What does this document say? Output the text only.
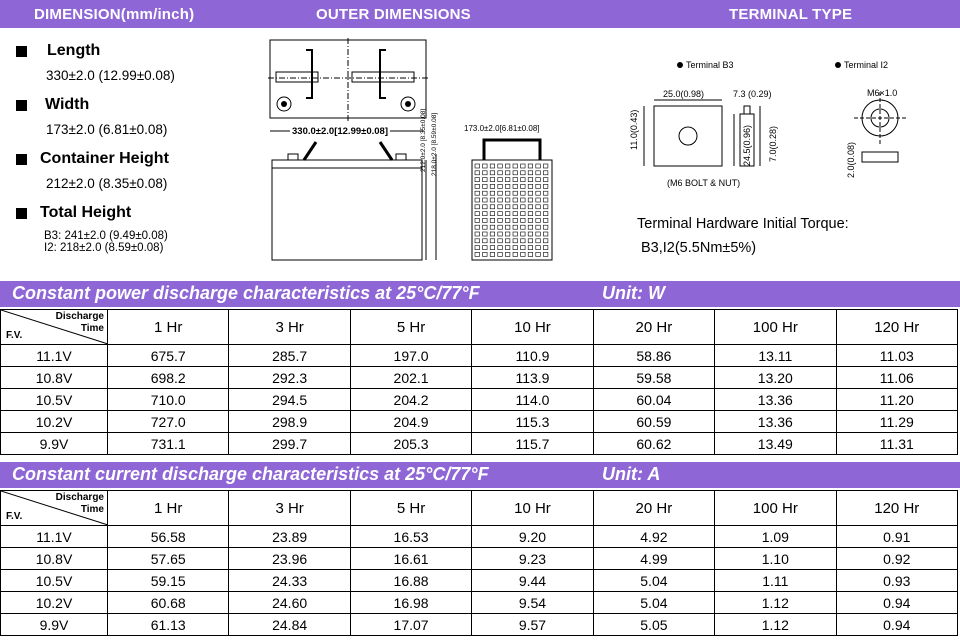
DIMENSION(mm/inch)	OUTER DIMENSIONS	TERMINAL TYPE
Length
330±2.0 (12.99±0.08)
Width
173±2.0 (6.81±0.08)
Container Height
212±2.0 (8.35±0.08)
Total Height
B3: 241±2.0 (9.49±0.08)
I2: 218±2.0 (8.59±0.08)
330.0±2.0[12.99±0.08]	212.0±2.0 [8.35±0.08] 218.0±2.0 [8.59±0.08]	173.0±2.0[6.81±0.08]
Terminal B3	Terminal I2
25.0(0.98)	7.3 (0.29)
11.0(0.43)	24.5(0.96) 7.0(0.28)
(M6 BOLT & NUT)
M6×1.0
2.0(0.08)
Terminal Hardware Initial Torque:
B3,I2(5.5Nm±5%)
Constant power discharge characteristics at 25°C/77°F	Unit: W
Discharge
Time
F.V.	1 Hr	3 Hr	5 Hr	10 Hr	20 Hr	100 Hr	120 Hr
11.1V	675.7	285.7	197.0	110.9	58.86	13.11	11.03
10.8V	698.2	292.3	202.1	113.9	59.58	13.20	11.06
10.5V	710.0	294.5	204.2	114.0	60.04	13.36	11.20
10.2V	727.0	298.9	204.9	115.3	60.59	13.36	11.29
9.9V	731.1	299.7	205.3	115.7	60.62	13.49	11.31
Constant current discharge characteristics at 25°C/77°F	Unit: A
Discharge
Time
F.V.	1 Hr	3 Hr	5 Hr	10 Hr	20 Hr	100 Hr	120 Hr
11.1V	56.58	23.89	16.53	9.20	4.92	1.09	0.91
10.8V	57.65	23.96	16.61	9.23	4.99	1.10	0.92
10.5V	59.15	24.33	16.88	9.44	5.04	1.11	0.93
10.2V	60.68	24.60	16.98	9.54	5.04	1.12	0.94
9.9V	61.13	24.84	17.07	9.57	5.05	1.12	0.94
